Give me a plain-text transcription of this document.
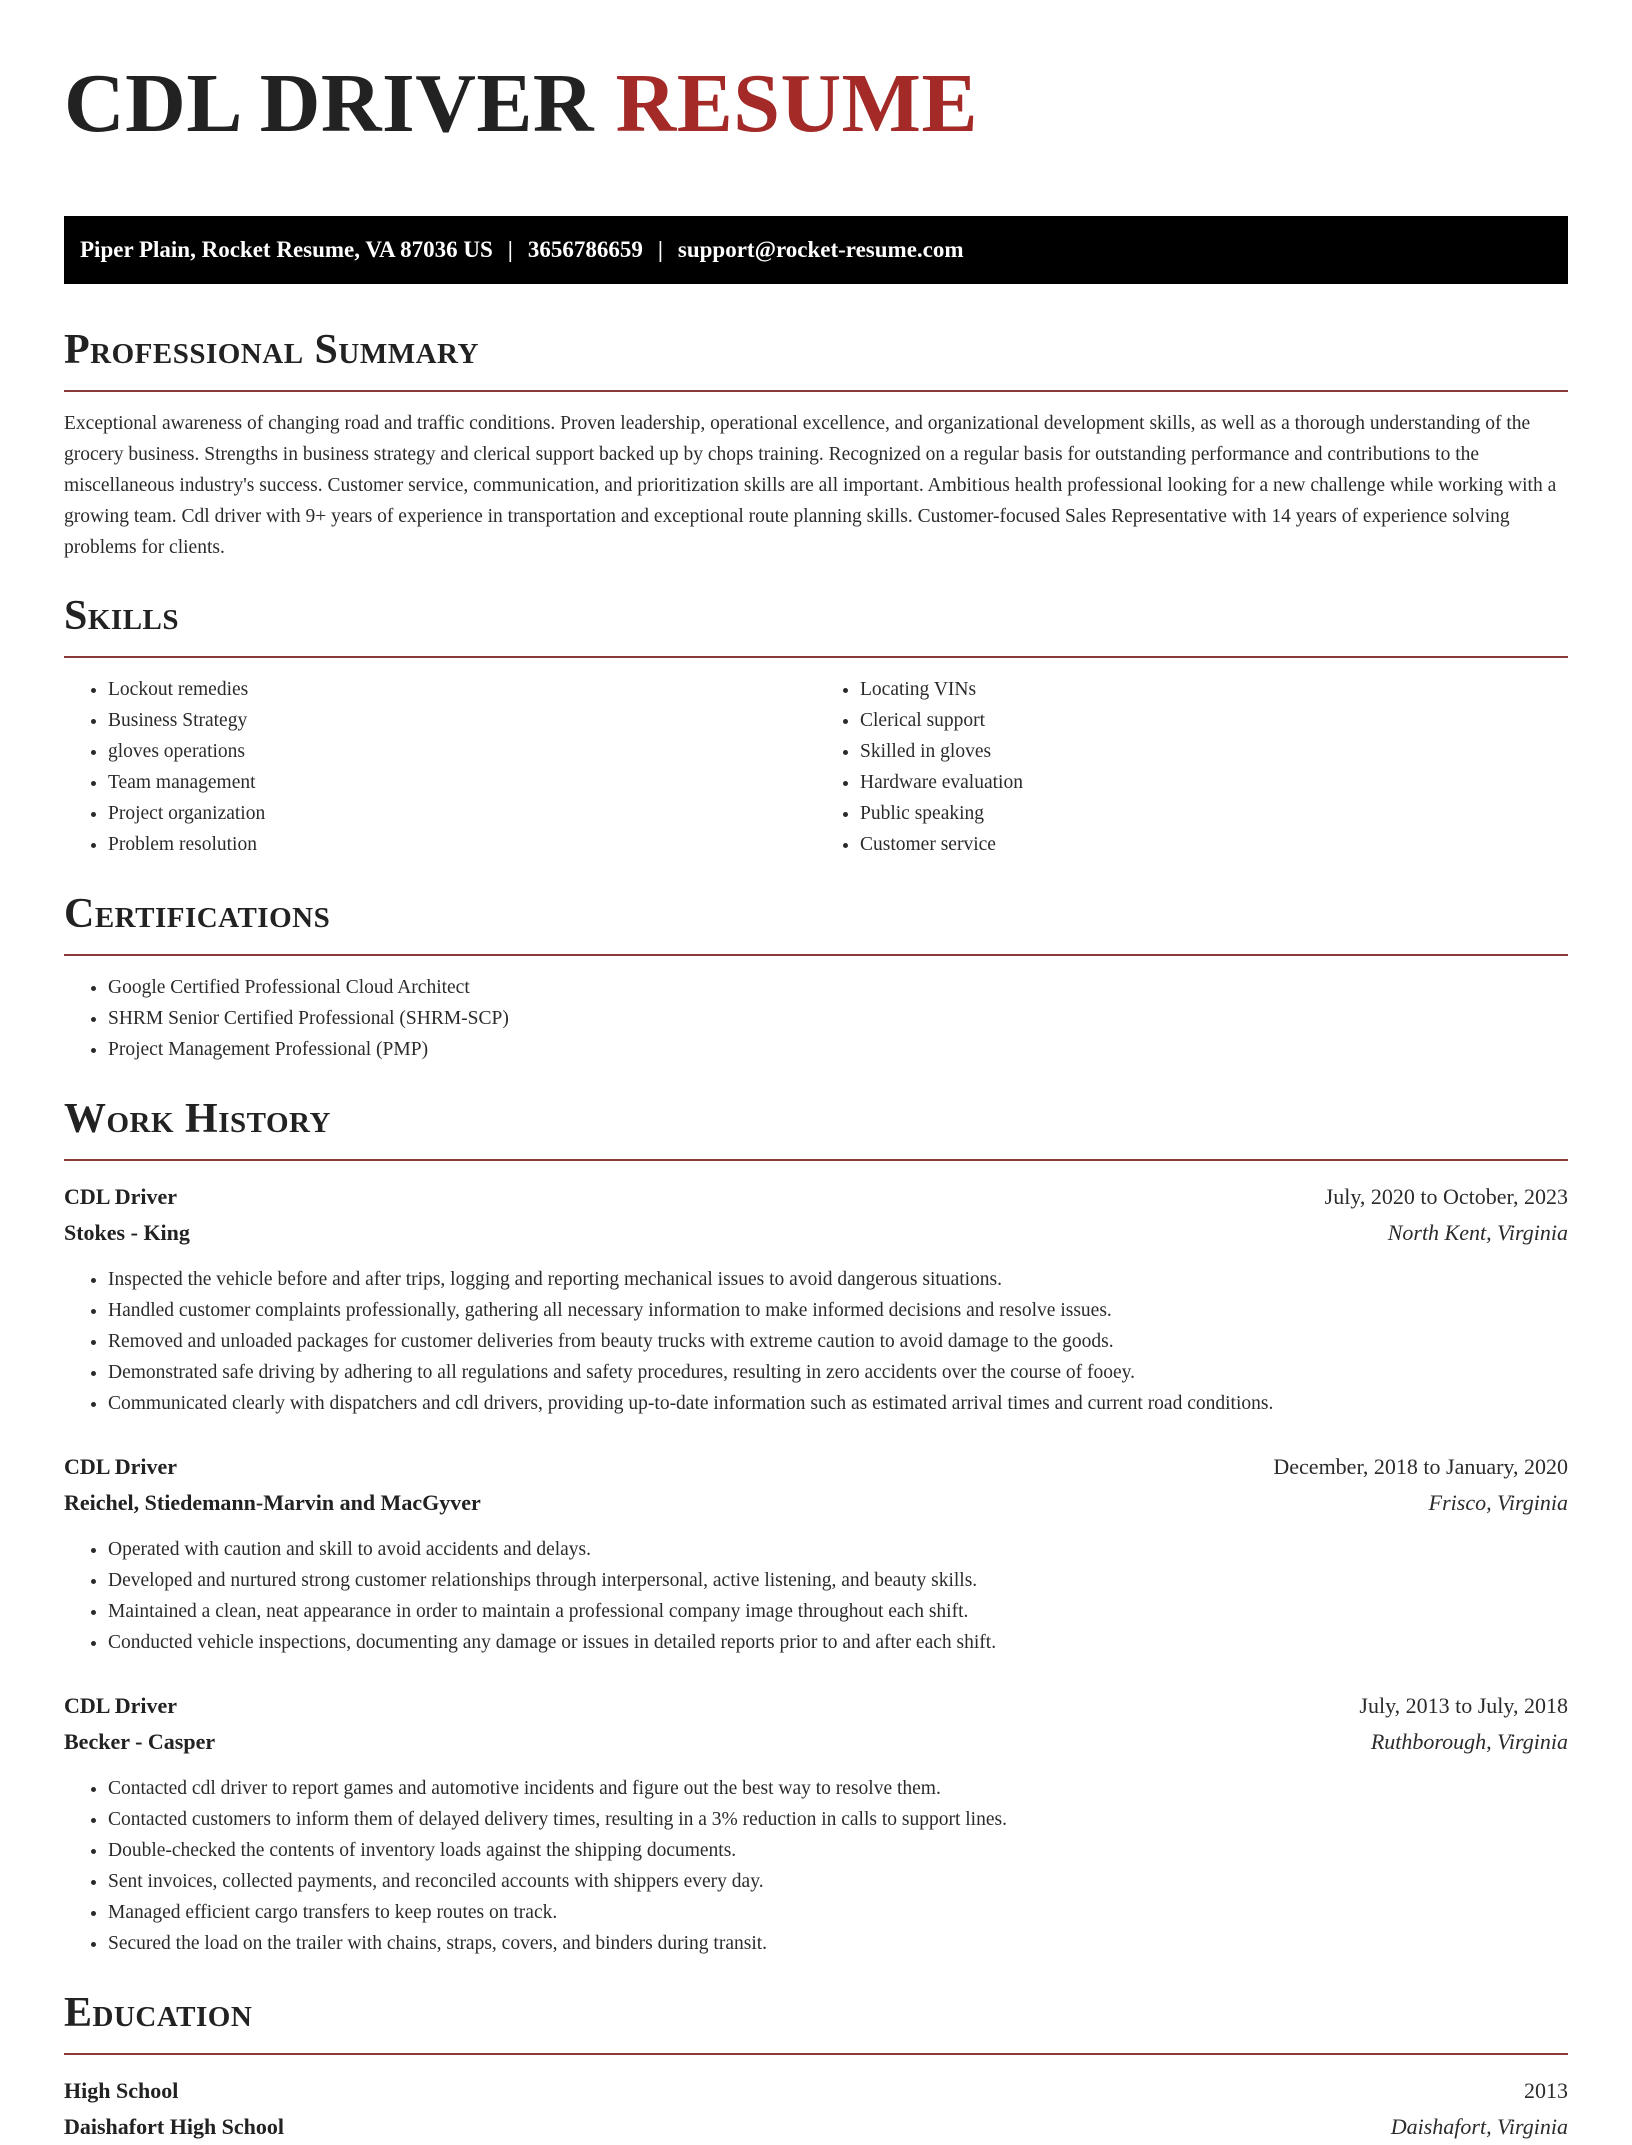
CDL DRIVER RESUME
Piper Plain, Rocket Resume, VA 87036 US | 3656786659 | support@rocket-resume.com
Professional Summary

Exceptional awareness of changing road and traffic conditions. Proven leadership, operational excellence, and organizational development skills, as well as a thorough understanding of the grocery business. Strengths in business strategy and clerical support backed up by chops training. Recognized on a regular basis for outstanding performance and contributions to the miscellaneous industry's success. Customer service, communication, and prioritization skills are all important. Ambitious health professional looking for a new challenge while working with a growing team. Cdl driver with 9+ years of experience in transportation and exceptional route planning skills. Customer-focused Sales Representative with 14 years of experience solving problems for clients.

Skills
• Lockout remedies
• Business Strategy
• gloves operations
• Team management
• Project organization
• Problem resolution
• Locating VINs
• Clerical support
• Skilled in gloves
• Hardware evaluation
• Public speaking
• Customer service
Certifications
• Google Certified Professional Cloud Architect
• SHRM Senior Certified Professional (SHRM-SCP)
• Project Management Professional (PMP)
Work History
CDL Driver	July, 2020 to October, 2023
Stokes - King	North Kent, Virginia
• Inspected the vehicle before and after trips, logging and reporting mechanical issues to avoid dangerous situations.
• Handled customer complaints professionally, gathering all necessary information to make informed decisions and resolve issues.
• Removed and unloaded packages for customer deliveries from beauty trucks with extreme caution to avoid damage to the goods.
• Demonstrated safe driving by adhering to all regulations and safety procedures, resulting in zero accidents over the course of fooey.
• Communicated clearly with dispatchers and cdl drivers, providing up-to-date information such as estimated arrival times and current road conditions.
CDL Driver	December, 2018 to January, 2020
Reichel, Stiedemann-Marvin and MacGyver	Frisco, Virginia
• Operated with caution and skill to avoid accidents and delays.
• Developed and nurtured strong customer relationships through interpersonal, active listening, and beauty skills.
• Maintained a clean, neat appearance in order to maintain a professional company image throughout each shift.
• Conducted vehicle inspections, documenting any damage or issues in detailed reports prior to and after each shift.
CDL Driver	July, 2013 to July, 2018
Becker - Casper	Ruthborough, Virginia
• Contacted cdl driver to report games and automotive incidents and figure out the best way to resolve them.
• Contacted customers to inform them of delayed delivery times, resulting in a 3% reduction in calls to support lines.
• Double-checked the contents of inventory loads against the shipping documents.
• Sent invoices, collected payments, and reconciled accounts with shippers every day.
• Managed efficient cargo transfers to keep routes on track.
• Secured the load on the trailer with chains, straps, covers, and binders during transit.
Education
High School	2013
Daishafort High School	Daishafort, Virginia
